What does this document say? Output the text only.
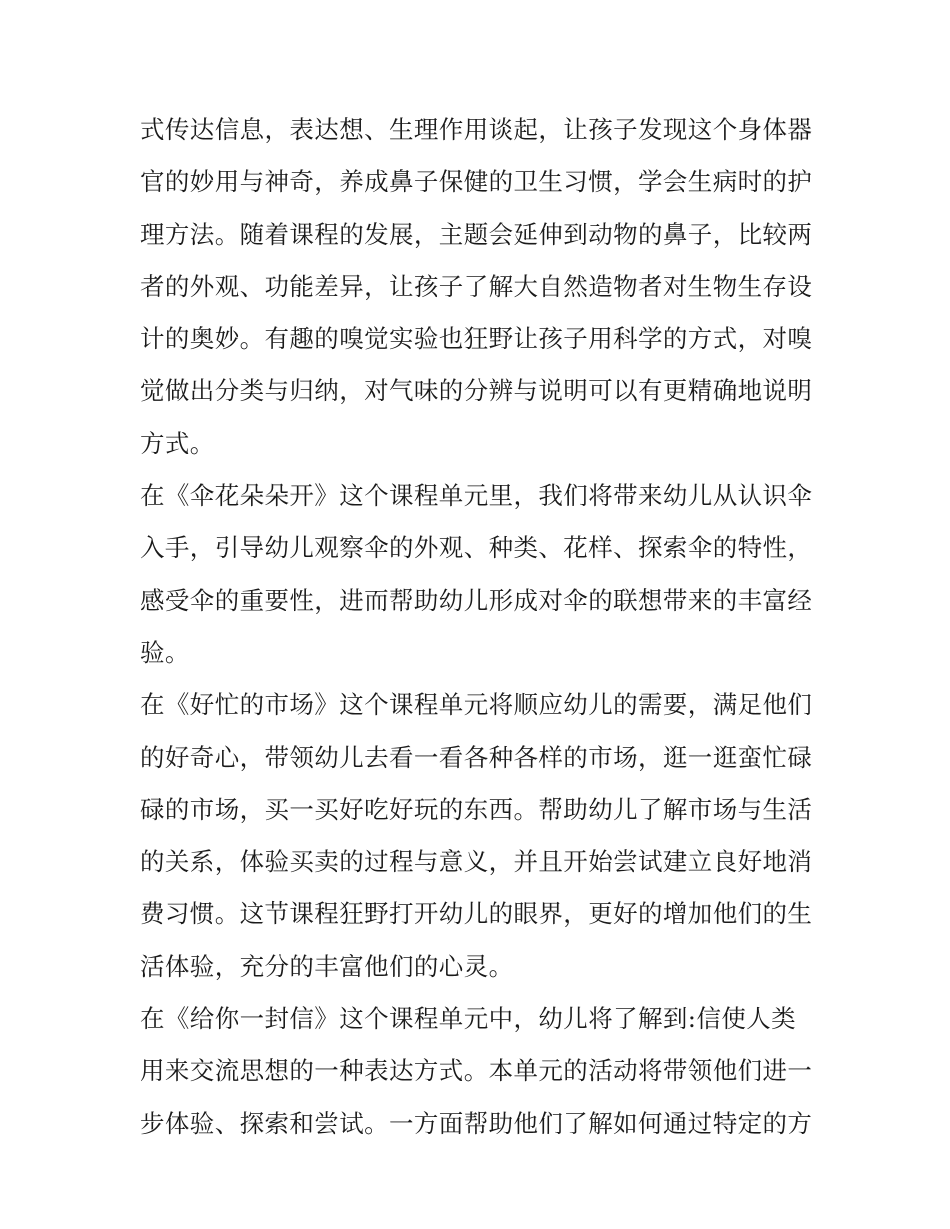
式传达信息，表达想、生理作用谈起，让孩子发现这个身体器
官的妙用与神奇，养成鼻子保健的卫生习惯，学会生病时的护
理方法。随着课程的发展，主题会延伸到动物的鼻子，比较两
者的外观、功能差异，让孩子了解大自然造物者对生物生存设
计的奥妙。有趣的嗅觉实验也狂野让孩子用科学的方式，对嗅
觉做出分类与归纳，对气味的分辨与说明可以有更精确地说明
方式。
在《伞花朵朵开》这个课程单元里，我们将带来幼儿从认识伞
入手，引导幼儿观察伞的外观、种类、花样、探索伞的特性，
感受伞的重要性，进而帮助幼儿形成对伞的联想带来的丰富经
验。
在《好忙的市场》这个课程单元将顺应幼儿的需要，满足他们
的好奇心，带领幼儿去看一看各种各样的市场，逛一逛蛮忙碌
碌的市场，买一买好吃好玩的东西。帮助幼儿了解市场与生活
的关系，体验买卖的过程与意义，并且开始尝试建立良好地消
费习惯。这节课程狂野打开幼儿的眼界，更好的增加他们的生
活体验，充分的丰富他们的心灵。
在《给你一封信》这个课程单元中，幼儿将了解到:信使人类
用来交流思想的一种表达方式。本单元的活动将带领他们进一
步体验、探索和尝试。一方面帮助他们了解如何通过特定的方
